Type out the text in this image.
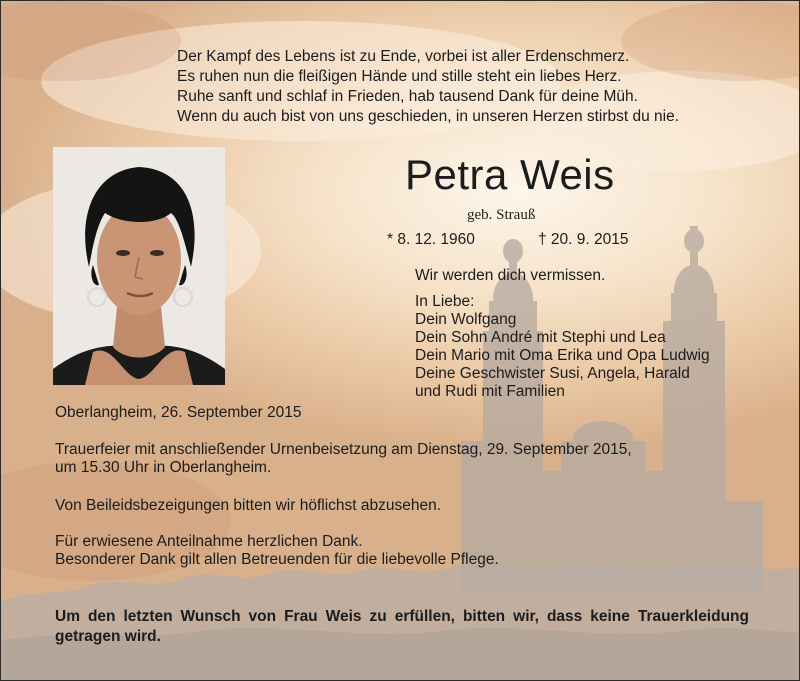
Der Kampf des Lebens ist zu Ende, vorbei ist aller Erdenschmerz.
Es ruhen nun die fleißigen Hände und stille steht ein liebes Herz.
Ruhe sanft und schlaf in Frieden, hab tausend Dank für deine Müh.
Wenn du auch bist von uns geschieden, in unseren Herzen stirbst du nie.
Petra Weis
geb. Strauß
* 8. 12. 1960	† 20. 9. 2015
Wir werden dich vermissen.
In Liebe:
Dein Wolfgang
Dein Sohn André mit Stephi und Lea
Dein Mario mit Oma Erika und Opa Ludwig
Deine Geschwister Susi, Angela, Harald
und Rudi mit Familien
Oberlangheim, 26. September 2015
Trauerfeier mit anschließender Urnenbeisetzung am Dienstag, 29. September 2015,
um 15.30 Uhr in Oberlangheim.
Von Beileidsbezeigungen bitten wir höflichst abzusehen.
Für erwiesene Anteilnahme herzlichen Dank.
Besonderer Dank gilt allen Betreuenden für die liebevolle Pflege.
Um den letzten Wunsch von Frau Weis zu erfüllen, bitten wir, dass keine Trauerkleidung getragen wird.
